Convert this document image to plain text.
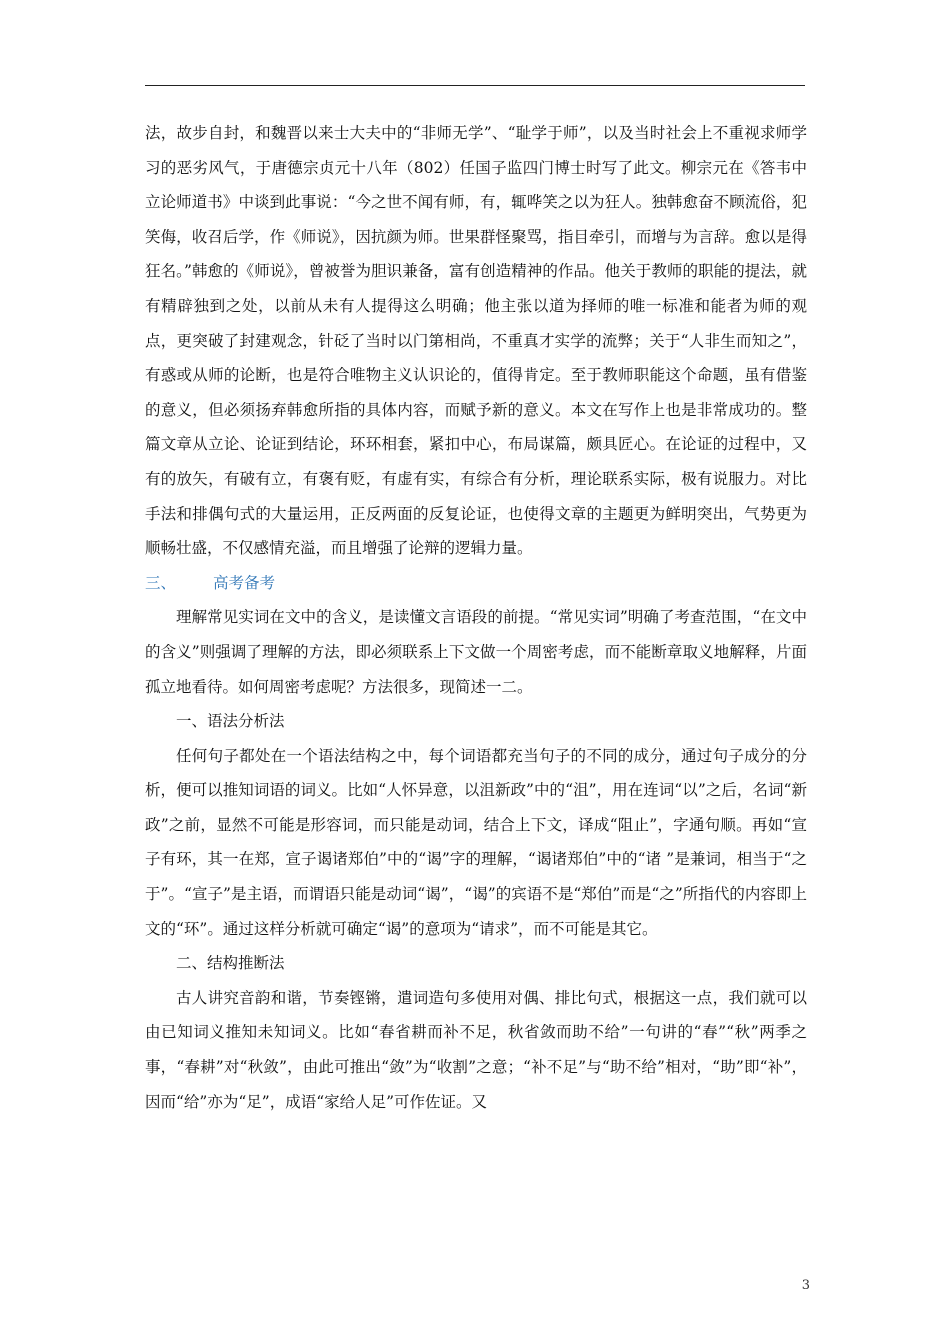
法，故步自封，和魏晋以来士大夫中的“非师无学”、“耻学于师”，以及当时社会上不重视求师学习的恶劣风气，于唐德宗贞元十八年（802）任国子监四门博士时写了此文。柳宗元在《答韦中立论师道书》中谈到此事说：“今之世不闻有师，有，辄哗笑之以为狂人。独韩愈奋不顾流俗，犯笑侮，收召后学，作《师说》，因抗颜为师。世果群怪聚骂，指目牵引，而增与为言辞。愈以是得狂名。”韩愈的《师说》，曾被誉为胆识兼备，富有创造精神的作品。他关于教师的职能的提法，就有精辟独到之处，以前从未有人提得这么明确；他主张以道为择师的唯一标准和能者为师的观点，更突破了封建观念，针砭了当时以门第相尚，不重真才实学的流弊；关于“人非生而知之”，有惑或从师的论断，也是符合唯物主义认识论的，值得肯定。至于教师职能这个命题，虽有借鉴的意义，但必须扬弃韩愈所指的具体内容，而赋予新的意义。本文在写作上也是非常成功的。整篇文章从立论、论证到结论，环环相套，紧扣中心，布局谋篇，颇具匠心。在论证的过程中，又有的放矢，有破有立，有褒有贬，有虚有实，有综合有分析，理论联系实际，极有说服力。对比手法和排偶句式的大量运用，正反两面的反复论证，也使得文章的主题更为鲜明突出，气势更为顺畅壮盛，不仅感情充溢，而且增强了论辩的逻辑力量。

三、 高考备考

理解常见实词在文中的含义，是读懂文言语段的前提。“常见实词”明确了考查范围，“在文中的含义”则强调了理解的方法，即必须联系上下文做一个周密考虑，而不能断章取义地解释，片面孤立地看待。如何周密考虑呢？方法很多，现简述一二。

一、语法分析法

任何句子都处在一个语法结构之中，每个词语都充当句子的不同的成分，通过句子成分的分析，便可以推知词语的词义。比如“人怀异意，以沮新政”中的“沮”，用在连词“以”之后，名词“新政”之前，显然不可能是形容词，而只能是动词，结合上下文，译成“阻止”，字通句顺。再如“宣子有环，其一在郑，宣子谒诸郑伯”中的“谒”字的理解，“谒诸郑伯”中的“诸 ”是兼词，相当于“之于”。“宣子”是主语，而谓语只能是动词“谒”，“谒”的宾语不是“郑伯”而是“之”所指代的内容即上文的“环”。通过这样分析就可确定“谒”的意项为“请求”，而不可能是其它。

二、结构推断法

古人讲究音韵和谐，节奏铿锵，遣词造句多使用对偶、排比句式，根据这一点，我们就可以由已知词义推知未知词义。比如“春省耕而补不足，秋省敛而助不给”一句讲的“春”“秋”两季之事，“春耕”对“秋敛”，由此可推出“敛”为“收割”之意；“补不足”与“助不给”相对，“助”即“补”，因而“给”亦为“足”，成语“家给人足”可作佐证。又

3
